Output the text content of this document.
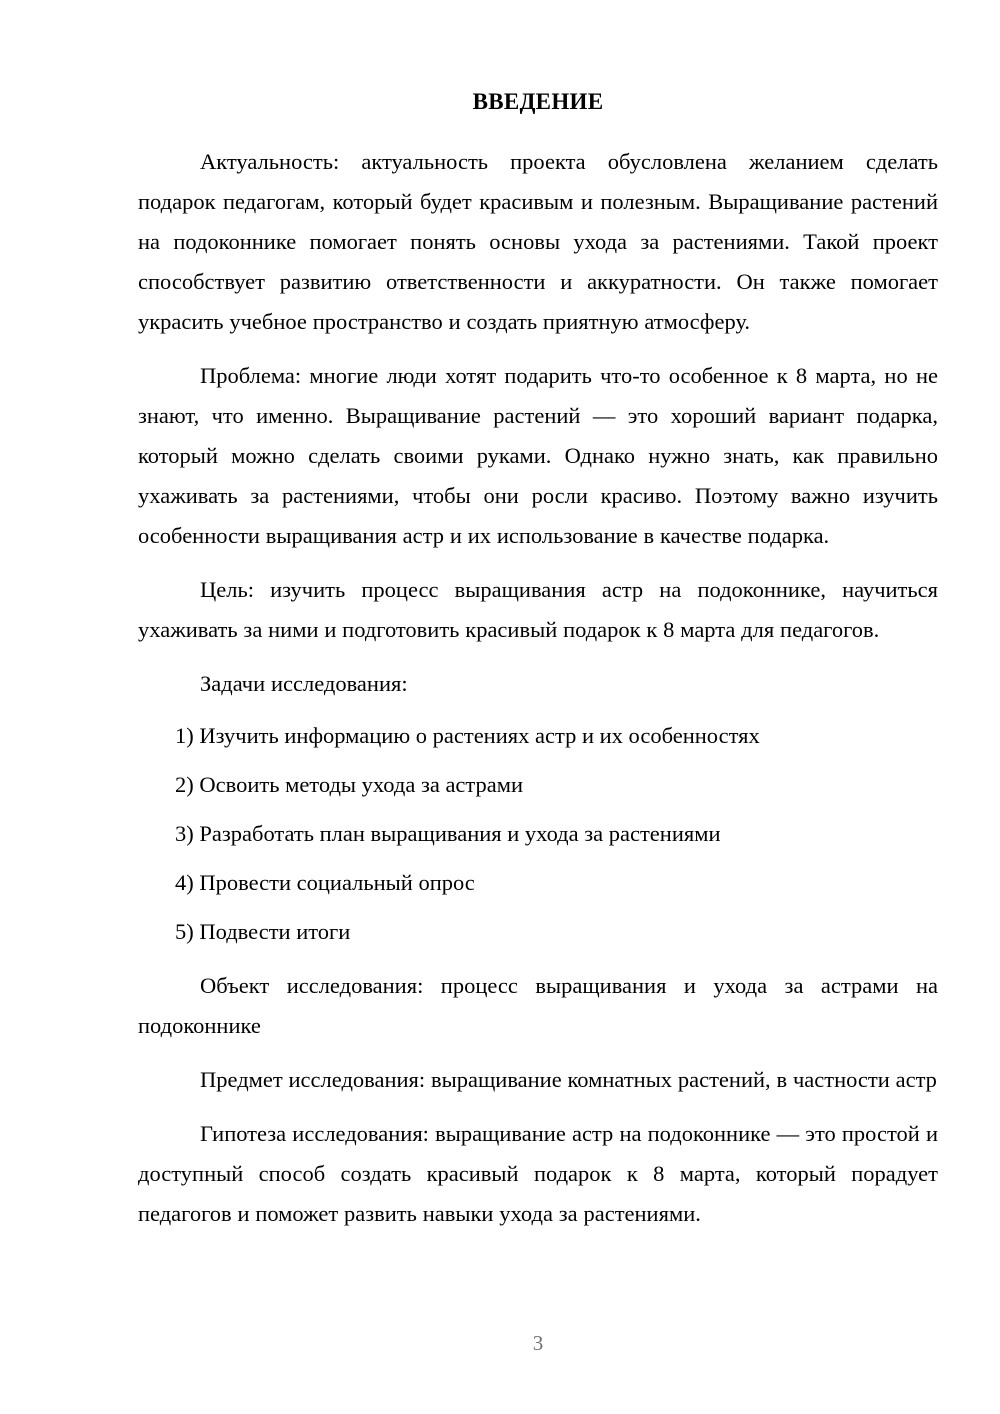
ВВЕДЕНИЕ

Актуальность: актуальность проекта обусловлена желанием сделать подарок педагогам, который будет красивым и полезным. Выращивание растений на подоконнике помогает понять основы ухода за растениями. Такой проект способствует развитию ответственности и аккуратности. Он также помогает украсить учебное пространство и создать приятную атмосферу.

Проблема: многие люди хотят подарить что-то особенное к 8 марта, но не знают, что именно. Выращивание растений — это хороший вариант подарка, который можно сделать своими руками. Однако нужно знать, как правильно ухаживать за растениями, чтобы они росли красиво. Поэтому важно изучить особенности выращивания астр и их использование в качестве подарка.

Цель: изучить процесс выращивания астр на подоконнике, научиться ухаживать за ними и подготовить красивый подарок к 8 марта для педагогов.

Задачи исследования:

1) Изучить информацию о растениях астр и их особенностях
2) Освоить методы ухода за астрами
3) Разработать план выращивания и ухода за растениями
4) Провести социальный опрос
5) Подвести итоги

Объект исследования: процесс выращивания и ухода за астрами на подоконнике

Предмет исследования: выращивание комнатных растений, в частности астр

Гипотеза исследования: выращивание астр на подоконнике — это простой и доступный способ создать красивый подарок к 8 марта, который порадует педагогов и поможет развить навыки ухода за растениями.

3
